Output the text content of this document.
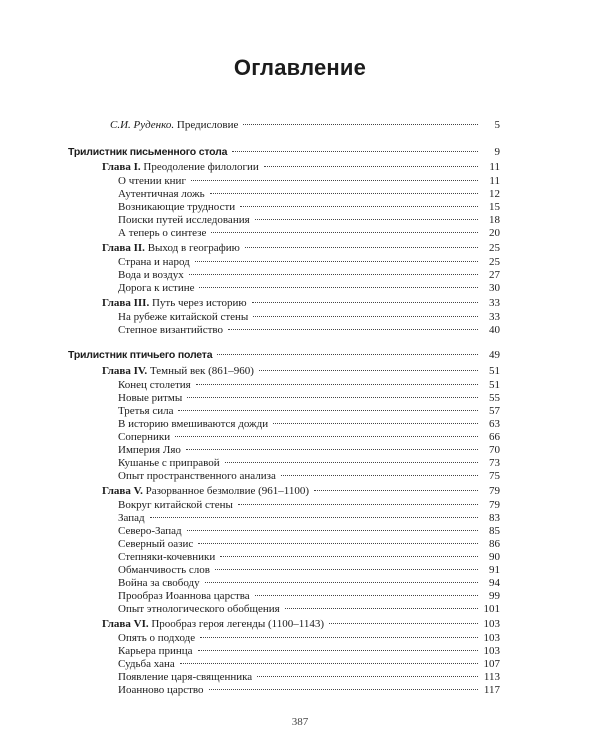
Оглавление
С.И. Руденко. Предисловие	5
Трилистник письменного стола	9
Глава I. Преодоление филологии	11
О чтении книг	11
Аутентичная ложь	12
Возникающие трудности	15
Поиски путей исследования	18
А теперь о синтезе	20
Глава II. Выход в географию	25
Страна и народ	25
Вода и воздух	27
Дорога к истине	30
Глава III. Путь через историю	33
На рубеже китайской стены	33
Степное византийство	40
Трилистник птичьего полета	49
Глава IV. Темный век (861–960)	51
Конец столетия	51
Новые ритмы	55
Третья сила	57
В историю вмешиваются дожди	63
Соперники	66
Империя Ляо	70
Кушанье с приправой	73
Опыт пространственного анализа	75
Глава V. Разорванное безмолвие (961–1100)	79
Вокруг китайской стены	79
Запад	83
Северо-Запад	85
Северный оазис	86
Степняки-кочевники	90
Обманчивость слов	91
Война за свободу	94
Прообраз Иоаннова царства	99
Опыт этнологического обобщения	101
Глава VI. Прообраз героя легенды (1100–1143)	103
Опять о подходе	103
Карьера принца	103
Судьба хана	107
Появление царя-священника	113
Иоанново царство	117
387
